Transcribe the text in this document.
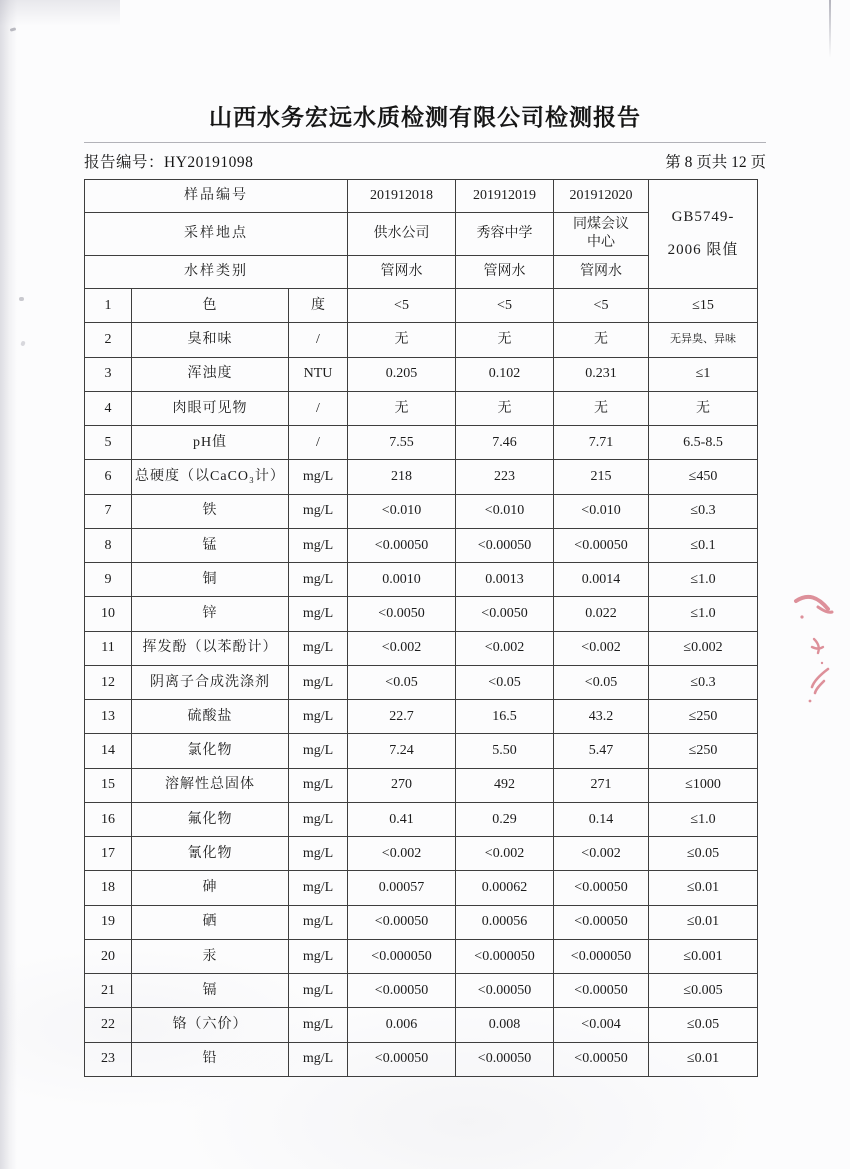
山西水务宏远水质检测有限公司检测报告
报告编号：HY20191098	第 8 页共 12 页
样品编号			201912018	201912019	201912020	GB5749-
2006 限值

采样地点			供水公司	秀容中学	同煤会议中心	
水样类别			管网水	管网水	管网水	
1	色	度	<5	<5	<5	≤15
2	臭和味	/	无	无	无	无异臭、异味
3	浑浊度	NTU	0.205	0.102	0.231	≤1
4	肉眼可见物	/	无	无	无	无
5	pH值	/	7.55	7.46	7.71	6.5-8.5
6	总硬度（以CaCO₃计）	mg/L	218	223	215	≤450
7	铁	mg/L	<0.010	<0.010	<0.010	≤0.3
8	锰	mg/L	<0.00050	<0.00050	<0.00050	≤0.1
9	铜	mg/L	0.0010	0.0013	0.0014	≤1.0
10	锌	mg/L	<0.0050	<0.0050	0.022	≤1.0
11	挥发酚（以苯酚计）	mg/L	<0.002	<0.002	<0.002	≤0.002
12	阴离子合成洗涤剂	mg/L	<0.05	<0.05	<0.05	≤0.3
13	硫酸盐	mg/L	22.7	16.5	43.2	≤250
14	氯化物	mg/L	7.24	5.50	5.47	≤250
15	溶解性总固体	mg/L	270	492	271	≤1000
16	氟化物	mg/L	0.41	0.29	0.14	≤1.0
17	氰化物	mg/L	<0.002	<0.002	<0.002	≤0.05
18	砷	mg/L	0.00057	0.00062	<0.00050	≤0.01
19	硒	mg/L	<0.00050	0.00056	<0.00050	≤0.01
20	汞	mg/L	<0.000050	<0.000050	<0.000050	≤0.001
21	镉	mg/L	<0.00050	<0.00050	<0.00050	≤0.005
22	铬（六价）	mg/L	0.006	0.008	<0.004	≤0.05
23	铅	mg/L	<0.00050	<0.00050	<0.00050	≤0.01
